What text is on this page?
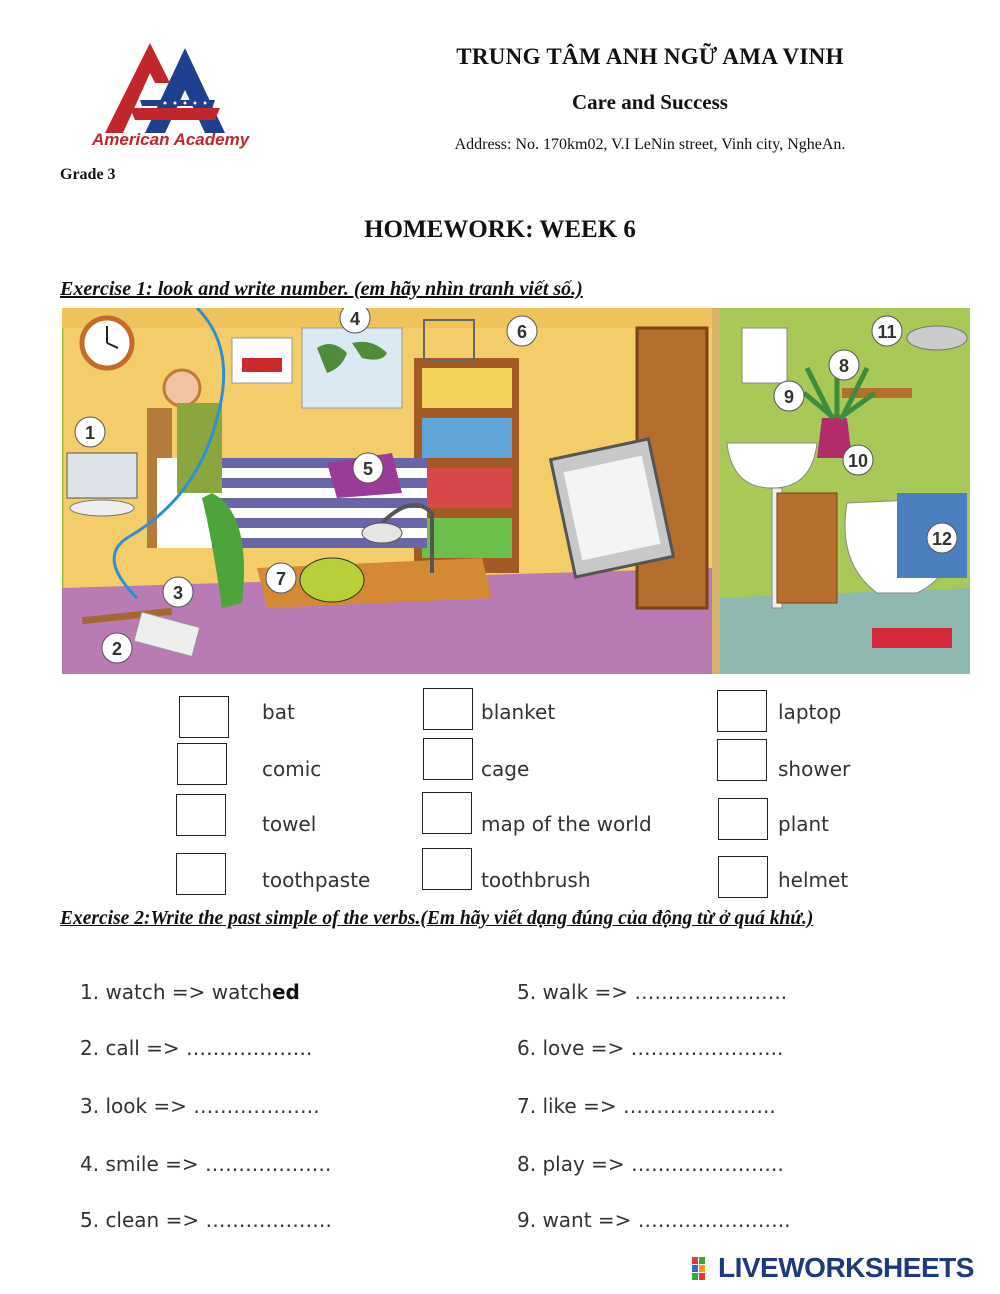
American Academy
TRUNG TÂM ANH NGỮ AMA VINH
Care and Success
Address: No. 170km02, V.I LeNin street, Vinh city, NgheAn.
Grade 3
HOMEWORK: WEEK 6
Exercise 1: look and write number. (em hãy nhìn tranh viết số.)
1
2
3
4
5
6
7
8
9
10
11
12
bat	blanket	laptop
comic	cage	shower
towel	map of the world	plant
toothpaste	toothbrush	helmet
Exercise 2:Write the past simple of the verbs.(Em hãy viết dạng đúng của động từ ở quá khứ.)
1. watch => watched	5. walk => …………………..
2. call => ……………….	6. love => …………………..
3. look => ……………….	7. like => …………………..
4. smile => ……………….	8. play => …………………..
5. clean => ……………….	9. want => …………………..
LIVEWORKSHEETS
